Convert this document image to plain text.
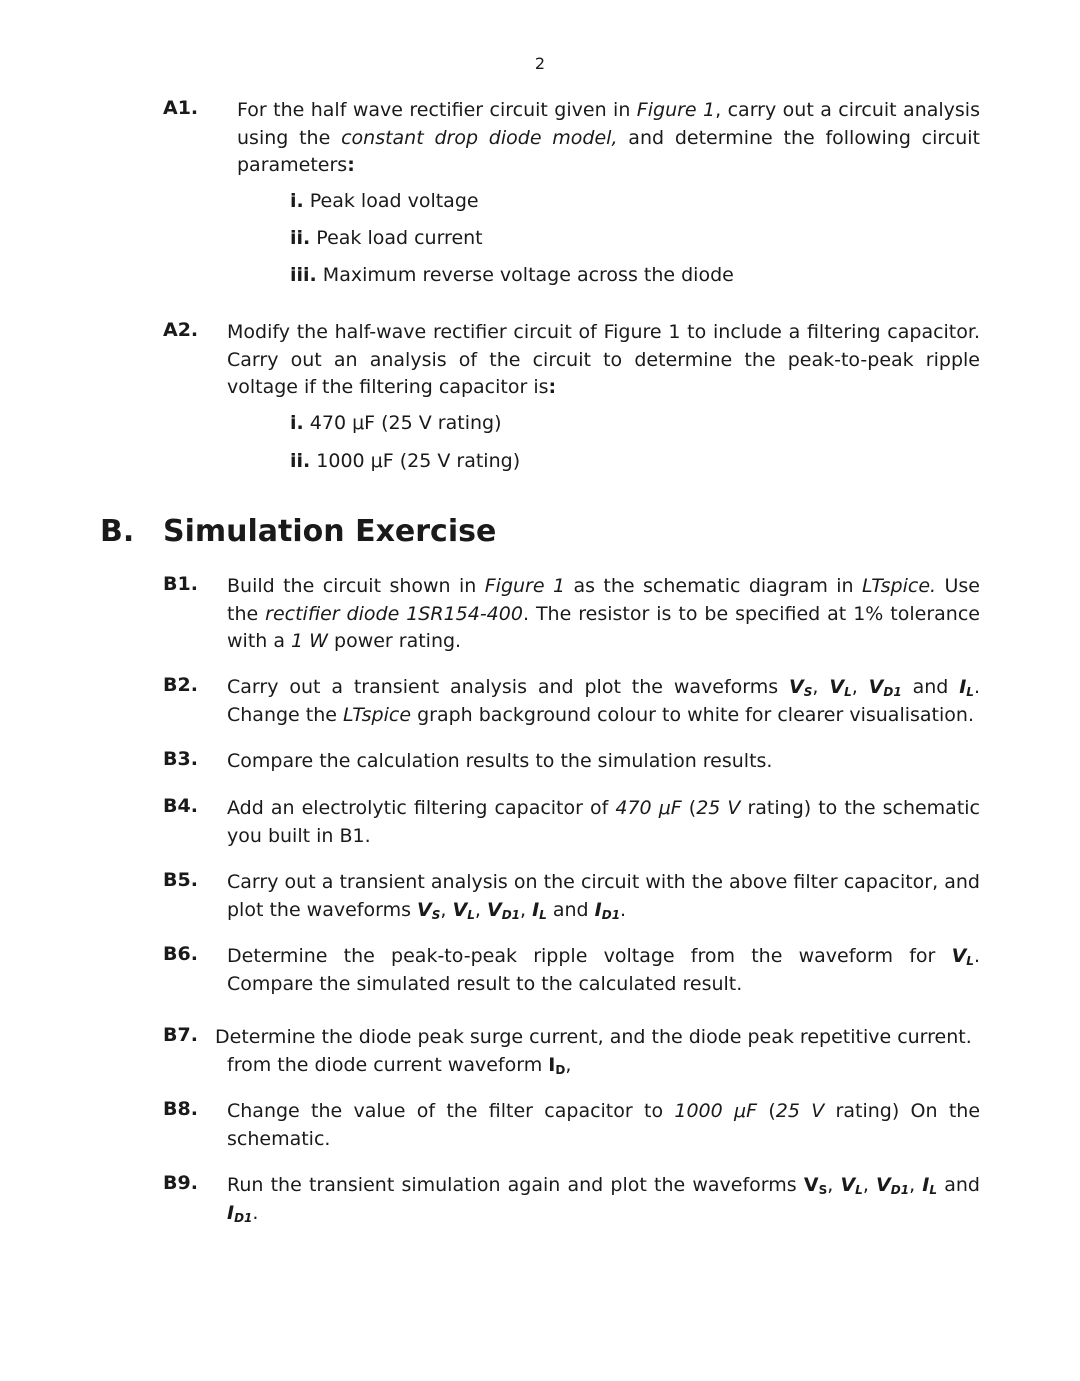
2
A1. For the half wave rectifier circuit given in Figure 1, carry out a circuit analysis using the constant drop diode model, and determine the following circuit parameters:

i. Peak load voltage
ii. Peak load current
iii. Maximum reverse voltage across the diode
A2. Modify the half-wave rectifier circuit of Figure 1 to include a filtering capacitor. Carry out an analysis of the circuit to determine the peak-to-peak ripple voltage if the filtering capacitor is:

i. 470 μF (25 V rating)
ii. 1000 μF (25 V rating)
B. Simulation Exercise
B1. Build the circuit shown in Figure 1 as the schematic diagram in LTspice. Use the rectifier diode 1SR154-400. The resistor is to be specified at 1% tolerance with a 1 W power rating.

B2. Carry out a transient analysis and plot the waveforms $V_S$, $V_L$, $V_{D1}$ and $I_L$. Change the LTspice graph background colour to white for clearer visualisation.

B3. Compare the calculation results to the simulation results.

B4. Add an electrolytic filtering capacitor of 470 μF (25 V rating) to the schematic you built in B1.

B5. Carry out a transient analysis on the circuit with the above filter capacitor, and plot the waveforms $V_S$, $V_L$, $V_{D1}$, $I_L$ and $I_{D1}$.

B6. Determine the peak-to-peak ripple voltage from the waveform for $V_L$. Compare the simulated result to the calculated result.

B7. Determine the diode peak surge current, and the diode peak repetitive current.
from the diode current waveform $I_D$,
B8. Change the value of the filter capacitor to 1000 μF (25 V rating) On the schematic.

B9. Run the transient simulation again and plot the waveforms $V_S$, $V_L$, $V_{D1}$, $I_L$ and $I_{D1}$.
